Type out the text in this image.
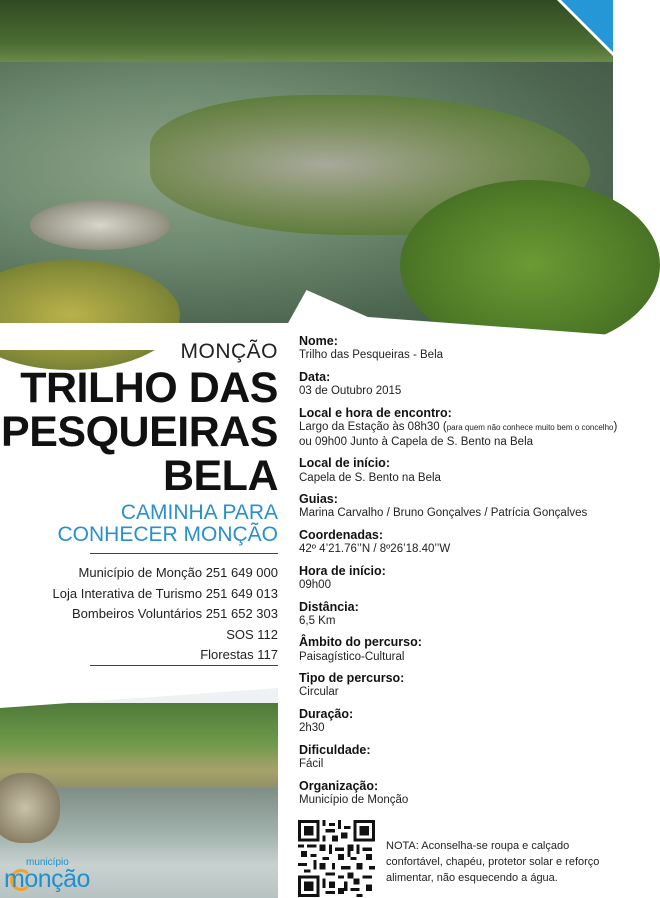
MONÇÃO
TRILHO DAS
PESQUEIRAS
BELA
CAMINHA PARA
CONHECER MONÇÃO
Município de Monção 251 649 000
Loja Interativa de Turismo 251 649 013
Bombeiros Voluntários 251 652 303
SOS 112
Florestas 117
município
monção
Nome:
Trilho das Pesqueiras - Bela
Data:
03 de Outubro 2015
Local e hora de encontro:
Largo da Estação às 08h30 (para quem não conhece muito bem o concelho)
ou 09h00 Junto à Capela de S. Bento na Bela
Local de início:
Capela de S. Bento na Bela
Guias:
Marina Carvalho / Bruno Gonçalves / Patrícia Gonçalves
Coordenadas:
42º 4’21.76’’N / 8º26’18.40’’W
Hora de início:
09h00
Distância:
6,5 Km
Âmbito do percurso:
Paisagístico-Cultural
Tipo de percurso:
Circular
Duração:
2h30
Dificuldade:
Fácil
Organização:
Município de Monção
NOTA: Aconselha-se roupa e calçado confortável, chapéu, protetor solar e reforço alimentar, não esquecendo a água.
